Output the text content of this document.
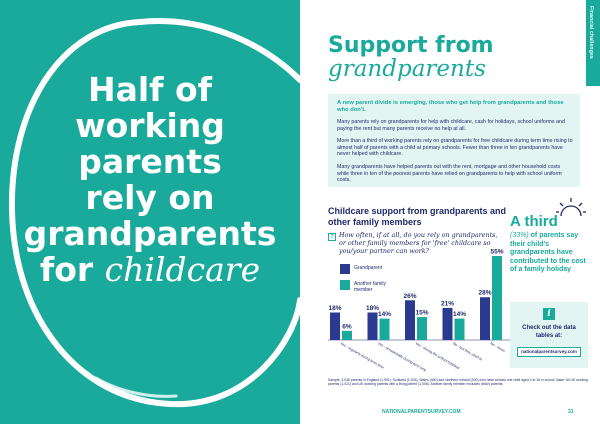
Half of
working
parents
rely on
grandparents
for childcare
Financial challenges
Support from
grandparents
A new parent divide is emerging, those who get help from grandparents and those who don't.
Many parents rely on grandparents for help with childcare, cash for holidays, school uniforms and paying the rent but many parents receive no help at all.
More than a third of working parents rely on grandparents for free childcare during term time rising to almost half of parents with a child at primary schools. Fewer than three in ten grandparents have never helped with childcare.
Many grandparents have helped parents out with the rent, mortgage and other household costs while three in ten of the poorest parents have relied on grandparents to help with school uniform costs.
Childcare support from grandparents and other family members
? How often, if at all, do you rely on grandparents, or other family members for 'free' childcare so you/your partner can work?
Grandparent
Another family member
18%
6%
Yes - regularly during term time
18%
14%
Yes - occasionally during term time
26%
15%
Yes - during the school holidays
21%
14%
No - but they used to
28%
55%
No - never
A third
(33%) of parents say their child's grandparents have contributed to the cost of a family holiday
i
Check out the data tables at:
nationalparentsurvey.com
Sample: 3,046 parents in England (1,991), Scotland (1,003), Wales (460) and Northern Ireland (300) who have at least one child aged 4 to 18 in school. Base: All UK working parents (1,021) and UK working parents with a living parent (1,006). Another family member excludes child's parents.
NATIONALPARENTSURVEY.COM	31
